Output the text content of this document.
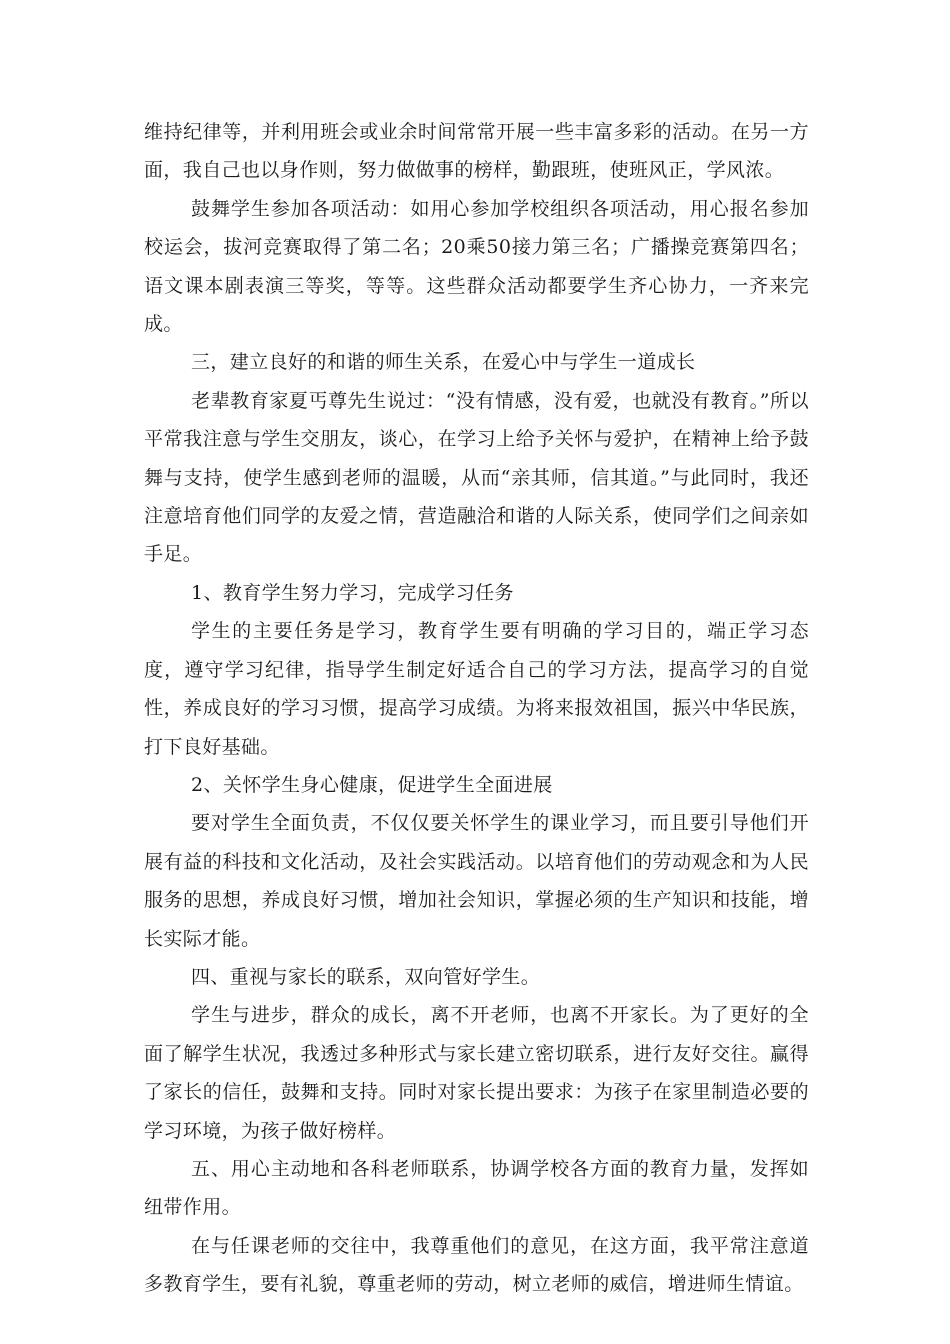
维持纪律等，并利用班会或业余时间常常开展一些丰富多彩的活动。在另一方面，我自己也以身作则，努力做做事的榜样，勤跟班，使班风正，学风浓。

鼓舞学生参加各项活动：如用心参加学校组织各项活动，用心报名参加校运会，拔河竞赛取得了第二名；20乘50接力第三名；广播操竞赛第四名；语文课本剧表演三等奖，等等。这些群众活动都要学生齐心协力，一齐来完成。

三，建立良好的和谐的师生关系，在爱心中与学生一道成长

老辈教育家夏丐尊先生说过：“没有情感，没有爱，也就没有教育。”所以平常我注意与学生交朋友，谈心，在学习上给予关怀与爱护，在精神上给予鼓舞与支持，使学生感到老师的温暖，从而“亲其师，信其道。”与此同时，我还注意培育他们同学的友爱之情，营造融洽和谐的人际关系，使同学们之间亲如手足。

1、教育学生努力学习，完成学习任务

学生的主要任务是学习，教育学生要有明确的学习目的，端正学习态度，遵守学习纪律，指导学生制定好适合自己的学习方法，提高学习的自觉性，养成良好的学习习惯，提高学习成绩。为将来报效祖国，振兴中华民族，打下良好基础。

2、关怀学生身心健康，促进学生全面进展

要对学生全面负责，不仅仅要关怀学生的课业学习，而且要引导他们开展有益的科技和文化活动，及社会实践活动。以培育他们的劳动观念和为人民服务的思想，养成良好习惯，增加社会知识，掌握必须的生产知识和技能，增长实际才能。

四、重视与家长的联系，双向管好学生。

学生与进步，群众的成长，离不开老师，也离不开家长。为了更好的全面了解学生状况，我透过多种形式与家长建立密切联系，进行友好交往。赢得了家长的信任，鼓舞和支持。同时对家长提出要求：为孩子在家里制造必要的学习环境，为孩子做好榜样。

五、用心主动地和各科老师联系，协调学校各方面的教育力量，发挥如纽带作用。

在与任课老师的交往中，我尊重他们的意见，在这方面，我平常注意道多教育学生，要有礼貌，尊重老师的劳动，树立老师的威信，增进师生情谊。
